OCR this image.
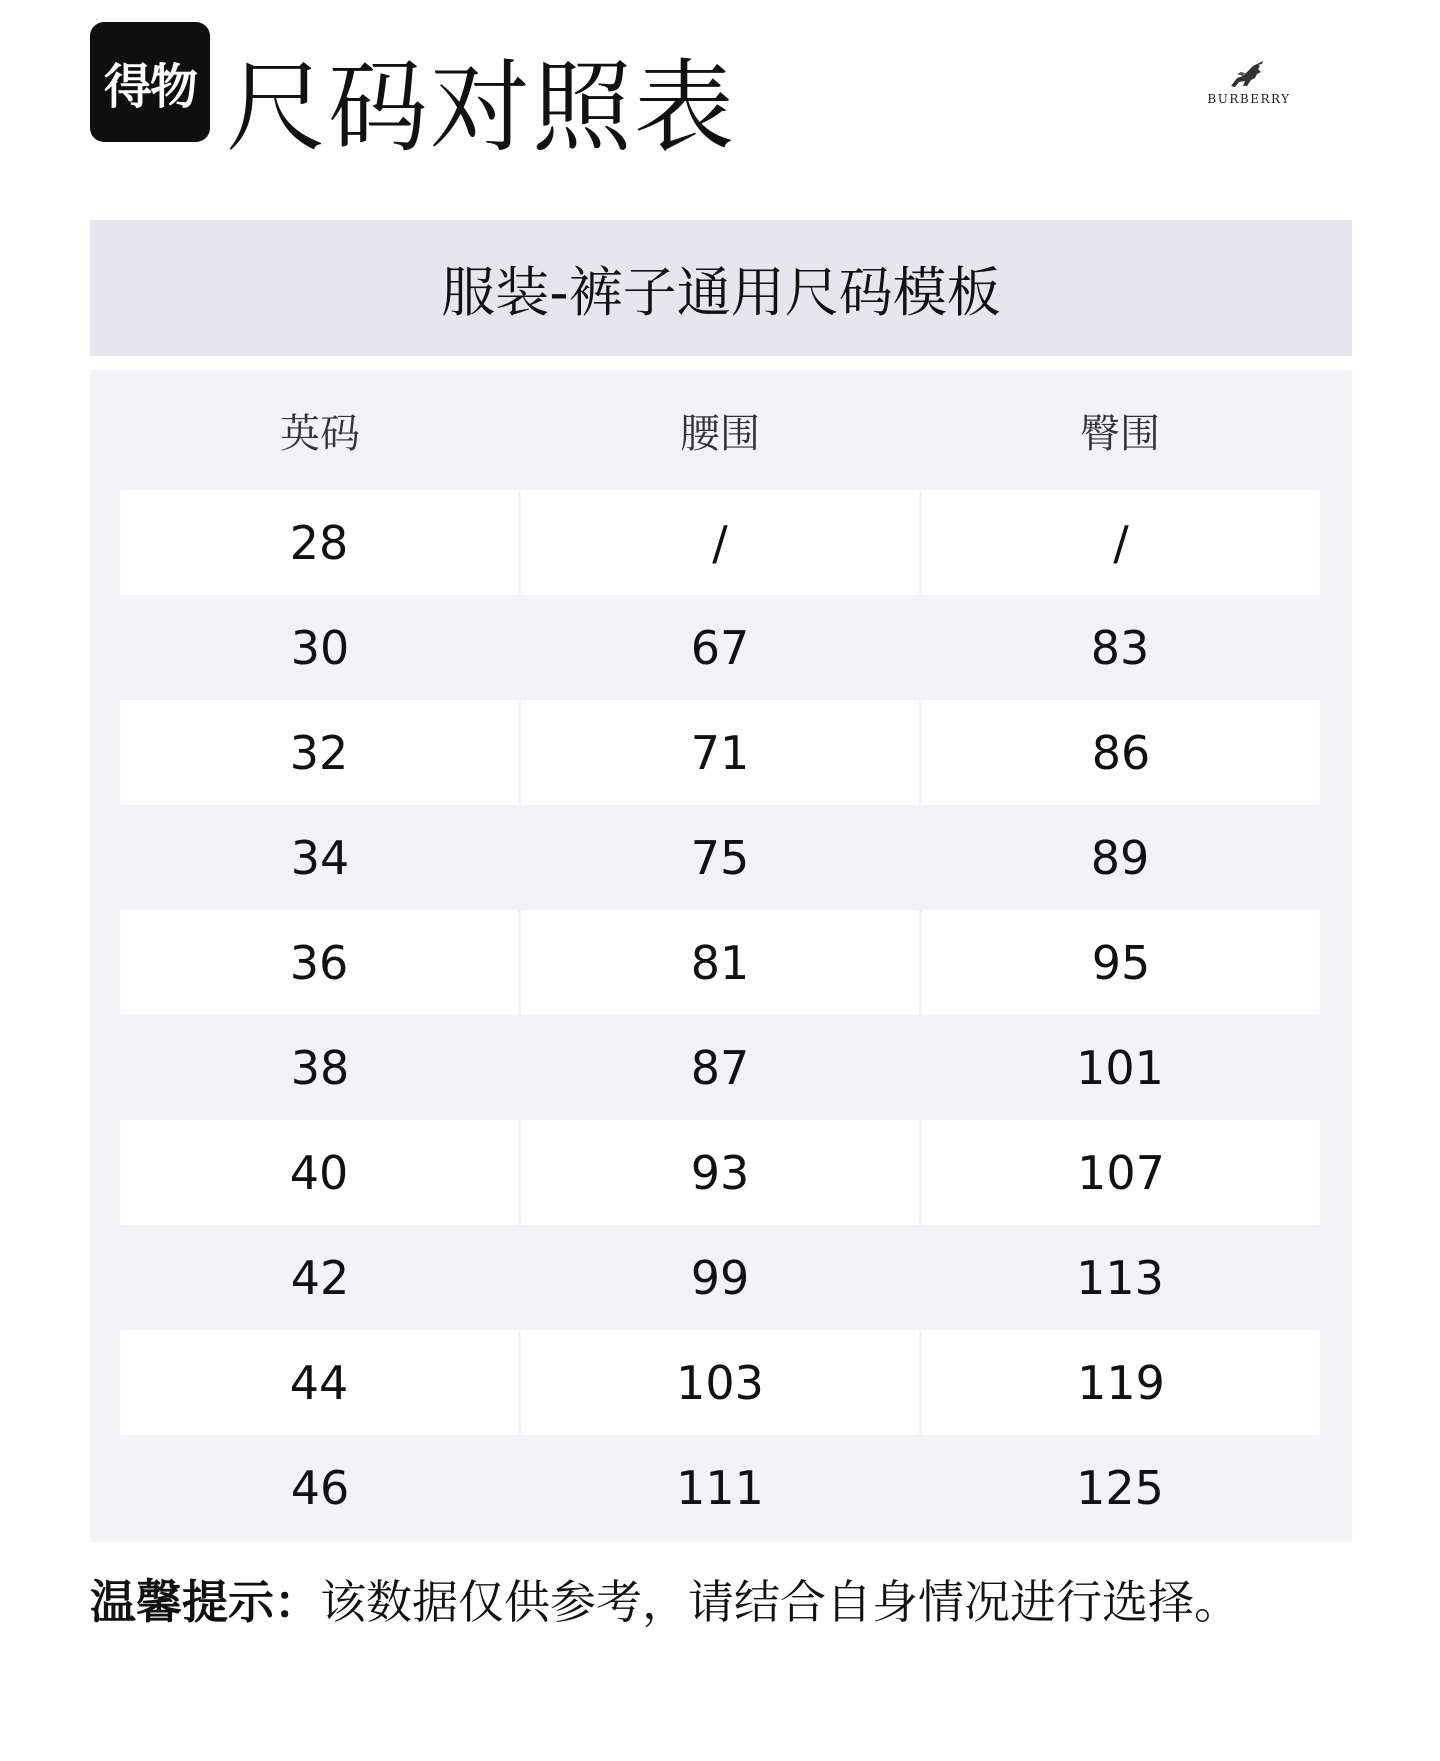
得物 尺码对照表	BURBERRY
服装-裤子通用尺码模板
英码	腰围	臀围
28	/	/
30	67	83
32	71	86
34	75	89
36	81	95
38	87	101
40	93	107
42	99	113
44	103	119
46	111	125
温馨提示：该数据仅供参考，请结合自身情况进行选择。
